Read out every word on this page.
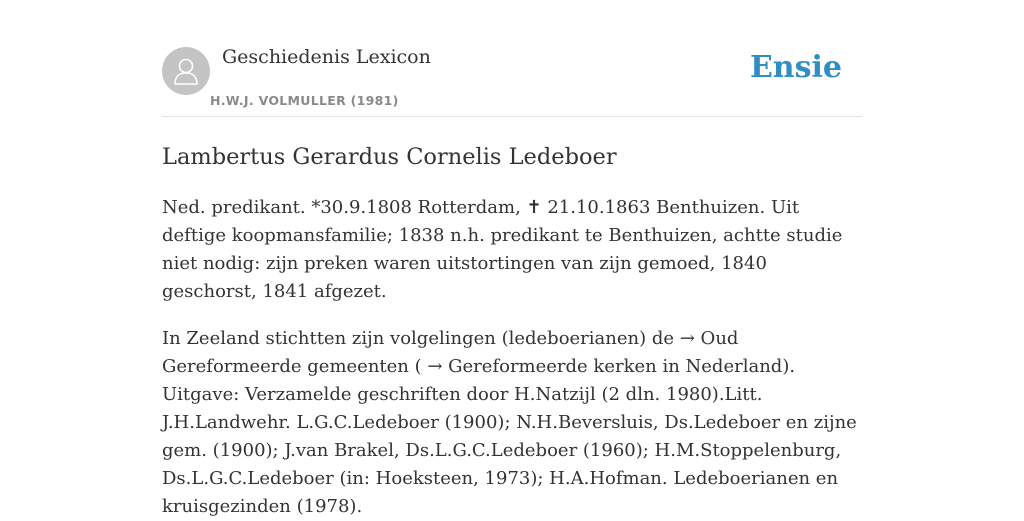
Geschiedenis Lexicon
H.W.J. VOLMULLER (1981)
Ensie
Lambertus Gerardus Cornelis Ledeboer

Ned. predikant. *30.9.1808 Rotterdam, ✝ 21.10.1863 Benthuizen. Uit deftige koopmansfamilie; 1838 n.h. predikant te Benthuizen, achtte studie niet nodig: zijn preken waren uitstortingen van zijn gemoed, 1840 geschorst, 1841 afgezet.

In Zeeland stichtten zijn volgelingen (ledeboerianen) de → Oud Gereformeerde gemeenten ( → Gereformeerde kerken in Nederland). Uitgave: Verzamelde geschriften door H.Natzijl (2 dln. 1980).Litt. J.H.Landwehr. L.G.C.Ledeboer (1900); N.H.Beversluis, Ds.Ledeboer en zijne gem. (1900); J.van Brakel, Ds.L.G.C.Ledeboer (1960); H.M.Stoppelenburg, Ds.L.G.C.Ledeboer (in: Hoeksteen, 1973); H.A.Hofman. Ledeboerianen en kruisgezinden (1978).
